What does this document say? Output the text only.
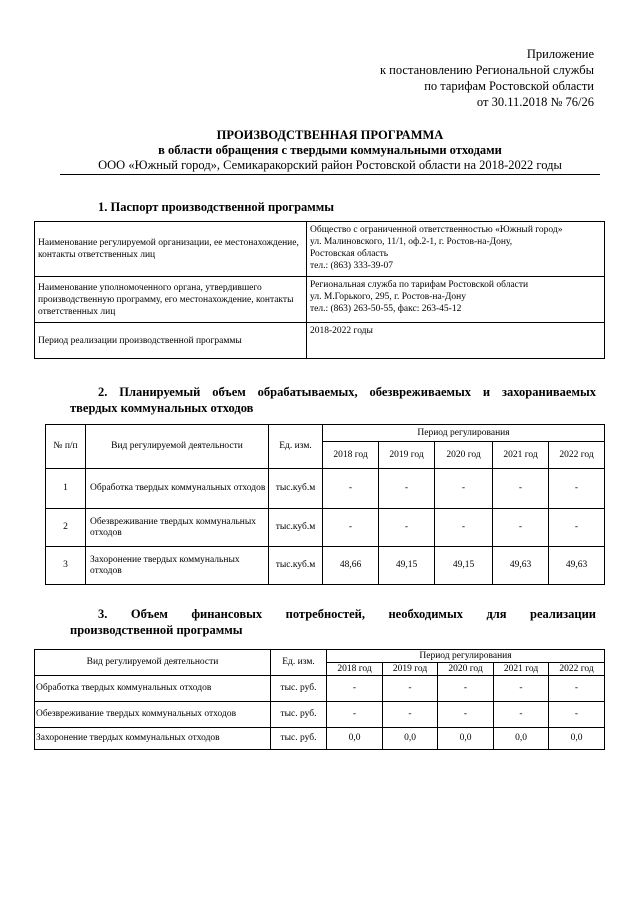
Приложение
к постановлению Региональной службы
по тарифам Ростовской области
от 30.11.2018 № 76/26
ПРОИЗВОДСТВЕННАЯ ПРОГРАММА
в области обращения с твердыми коммунальными отходами
ООО «Южный город», Семикаракорский район Ростовской области на 2018-2022 годы
1. Паспорт производственной программы
Наименование регулируемой организации, ее местонахождение, контакты ответственных лиц	Общество с ограниченной ответственностью «Южный город»
ул. Малиновского, 11/1, оф.2-1, г. Ростов-на-Дону,
Ростовская область
тел.: (863) 333-39-07

Наименование уполномоченного органа, утвердившего производственную программу, его местонахождение, контакты ответственных лиц	Региональная служба по тарифам Ростовской области
ул. М.Горького, 295, г. Ростов-на-Дону
тел.: (863) 263-50-55, факс: 263-45-12

Период реализации производственной программы	2018-2022 годы
2. Планируемый объем обрабатываемых, обезвреживаемых и захораниваемых
твердых коммунальных отходов
№ п/п	Вид регулируемой деятельности	Ед. изм.	Период регулирования				
			2018 год	2019 год	2020 год	2021 год	2022 год
1	Обработка твердых коммунальных отходов	тыс.куб.м	-	-	-	-	-
2	Обезвреживание твердых коммунальных отходов	тыс.куб.м	-	-	-	-	-
3	Захоронение твердых коммунальных отходов	тыс.куб.м	48,66	49,15	49,15	49,63	49,63
3. Объем финансовых потребностей, необходимых для реализации
производственной программы
Вид регулируемой деятельности	Ед. изм.	Период регулирования				
		2018 год	2019 год	2020 год	2021 год	2022 год
Обработка твердых коммунальных отходов	тыс. руб.	-	-	-	-	-
Обезвреживание твердых коммунальных отходов	тыс. руб.	-	-	-	-	-
Захоронение твердых коммунальных отходов	тыс. руб.	0,0	0,0	0,0	0,0	0,0
